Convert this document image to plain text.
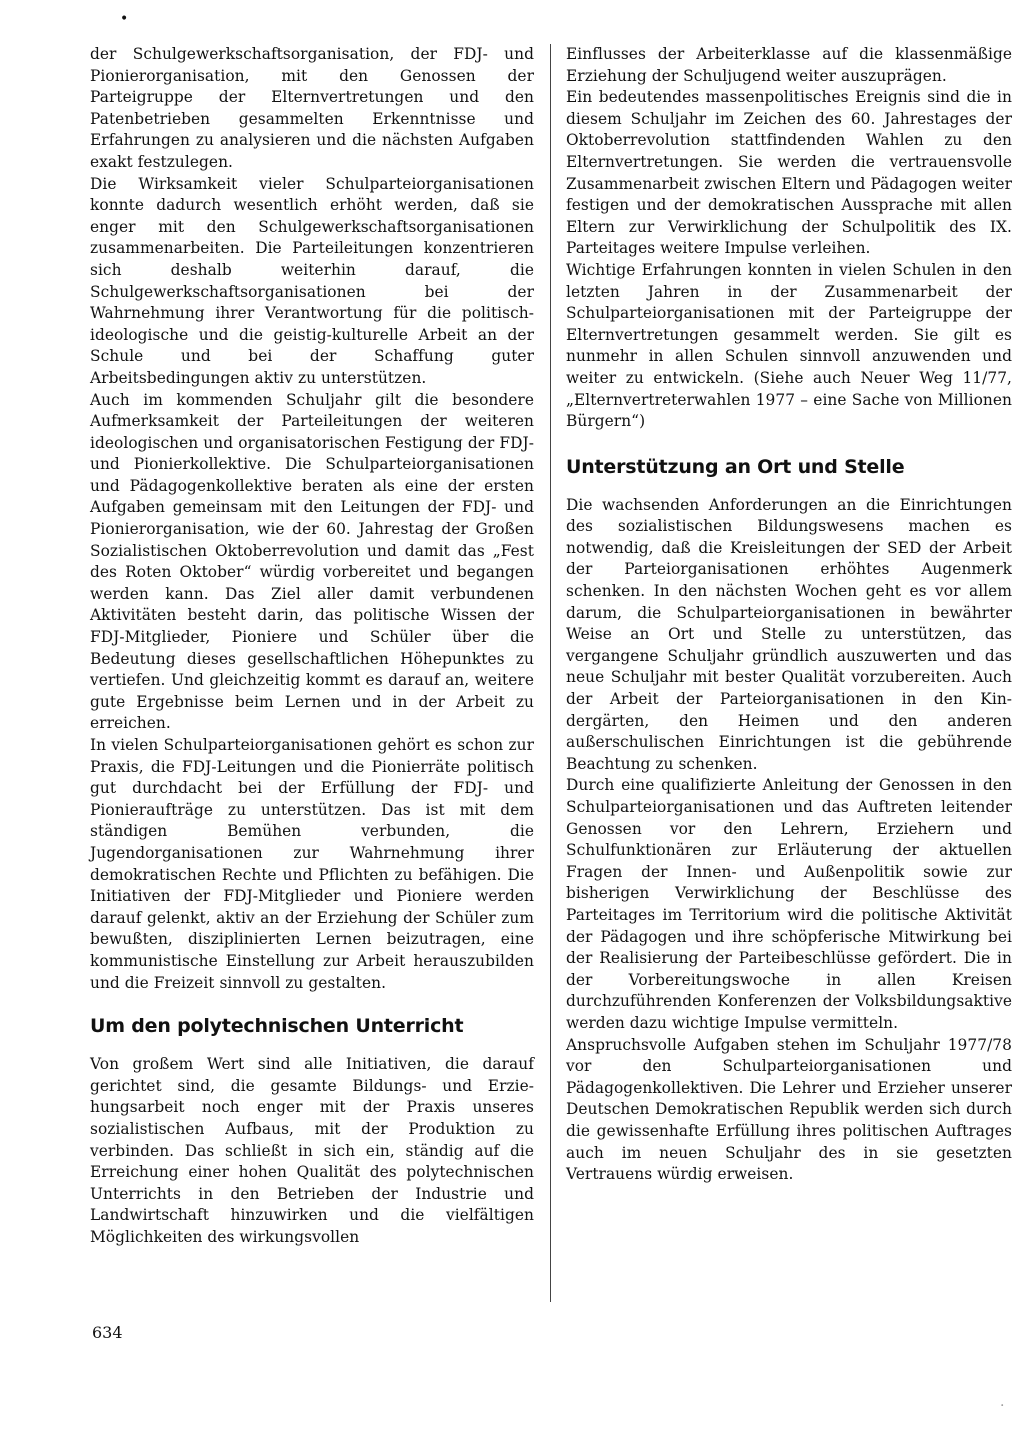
•

der Schulgewerkschaftsorganisation, der FDJ- und Pionierorganisation, mit den Genossen der Parteigruppe der Elternvertretungen und den Patenbetrieben gesammelten Erkenntnisse und Erfahrungen zu analysieren und die nächsten Aufgaben exakt festzulegen.

Die Wirksamkeit vieler Schulparteiorganisationen konnte dadurch wesentlich erhöht werden, daß sie enger mit den Schulgewerkschaftsorganisationen zusammenarbeiten. Die Parteileitungen konzentrieren sich deshalb weiterhin darauf, die Schulgewerkschaftsorganisationen bei der Wahrnehmung ihrer Verantwortung für die politisch-ideologische und die geistig-kulturelle Arbeit an der Schule und bei der Schaffung guter Arbeitsbedingungen aktiv zu unterstützen.

Auch im kommenden Schuljahr gilt die besondere Aufmerksamkeit der Parteileitungen der weiteren ideologischen und organisatorischen Festigung der FDJ- und Pionierkollektive. Die Schulparteiorganisationen und Pädagogenkollektive beraten als eine der ersten Aufgaben gemeinsam mit den Leitungen der FDJ- und Pionierorganisation, wie der 60. Jahrestag der Großen Sozialistischen Oktoberrevolution und damit das „Fest des Roten Oktober“ würdig vorbereitet und begangen werden kann. Das Ziel aller damit verbundenen Aktivitäten besteht darin, das politische Wissen der FDJ-Mitglieder, Pioniere und Schüler über die Bedeutung dieses gesellschaftlichen Höhepunktes zu vertiefen. Und gleichzeitig kommt es darauf an, weitere gute Ergebnisse beim Lernen und in der Arbeit zu erreichen.

In vielen Schulparteiorganisationen gehört es schon zur Praxis, die FDJ-Leitungen und die Pionierräte politisch gut durchdacht bei der Erfüllung der FDJ- und Pionieraufträge zu unterstützen. Das ist mit dem ständigen Bemühen verbunden, die Jugendorganisationen zur Wahrnehmung ihrer demokratischen Rechte und Pflichten zu befähigen. Die Initiativen der FDJ-Mitglieder und Pioniere werden darauf gelenkt, aktiv an der Erziehung der Schüler zum bewußten, disziplinierten Lernen beizutragen, eine kommunistische Einstellung zur Arbeit herauszubilden und die Freizeit sinnvoll zu gestalten.

Um den polytechnischen Unterricht

Von großem Wert sind alle Initiativen, die darauf gerichtet sind, die gesamte Bildungs- und Erziehungsarbeit noch enger mit der Praxis unseres sozialistischen Aufbaus, mit der Produktion zu verbinden. Das schließt in sich ein, ständig auf die Erreichung einer hohen Qualität des polytechnischen Unterrichts in den Betrieben der Industrie und Landwirtschaft hinzuwirken und die vielfältigen Möglichkeiten des wirkungsvollen

Einflusses der Arbeiterklasse auf die klassenmäßige Erziehung der Schuljugend weiter auszuprägen.

Ein bedeutendes massenpolitisches Ereignis sind die in diesem Schuljahr im Zeichen des 60. Jahrestages der Oktoberrevolution stattfindenden Wahlen zu den Elternvertretungen. Sie werden die vertrauensvolle Zusammenarbeit zwischen Eltern und Pädagogen weiter festigen und der demokratischen Aussprache mit allen Eltern zur Verwirklichung der Schulpolitik des IX. Parteitages weitere Impulse verleihen.

Wichtige Erfahrungen konnten in vielen Schulen in den letzten Jahren in der Zusammenarbeit der Schulparteiorganisationen mit der Parteigruppe der Elternvertretungen gesammelt werden. Sie gilt es nunmehr in allen Schulen sinnvoll anzuwenden und weiter zu entwickeln. (Siehe auch Neuer Weg 11/77, „Elternvertreterwahlen 1977 – eine Sache von Millionen Bürgern“)

Unterstützung an Ort und Stelle

Die wachsenden Anforderungen an die Einrichtungen des sozialistischen Bildungswesens machen es notwendig, daß die Kreisleitungen der SED der Arbeit der Parteiorganisationen erhöhtes Augenmerk schenken. In den nächsten Wochen geht es vor allem darum, die Schulparteiorganisationen in bewährter Weise an Ort und Stelle zu unterstützen, das vergangene Schuljahr gründlich auszuwerten und das neue Schuljahr mit bester Qualität vorzubereiten. Auch der Arbeit der Parteiorganisationen in den Kindergärten, den Heimen und den anderen außerschulischen Einrichtungen ist die gebührende Beachtung zu schenken.

Durch eine qualifizierte Anleitung der Genossen in den Schulparteiorganisationen und das Auftreten leitender Genossen vor den Lehrern, Erziehern und Schulfunktionären zur Erläuterung der aktuellen Fragen der Innen- und Außenpolitik sowie zur bisherigen Verwirklichung der Beschlüsse des Parteitages im Territorium wird die politische Aktivität der Pädagogen und ihre schöpferische Mitwirkung bei der Realisierung der Parteibeschlüsse gefördert. Die in der Vorbereitungswoche in allen Kreisen durchzuführenden Konferenzen der Volksbildungsaktive werden dazu wichtige Impulse vermitteln.

Anspruchsvolle Aufgaben stehen im Schuljahr 1977/78 vor den Schulparteiorganisationen und Pädagogenkollektiven. Die Lehrer und Erzieher unserer Deutschen Demokratischen Republik werden sich durch die gewissenhafte Erfüllung ihres politischen Auftrages auch im neuen Schuljahr des in sie gesetzten Vertrauens würdig erweisen.

634
·
